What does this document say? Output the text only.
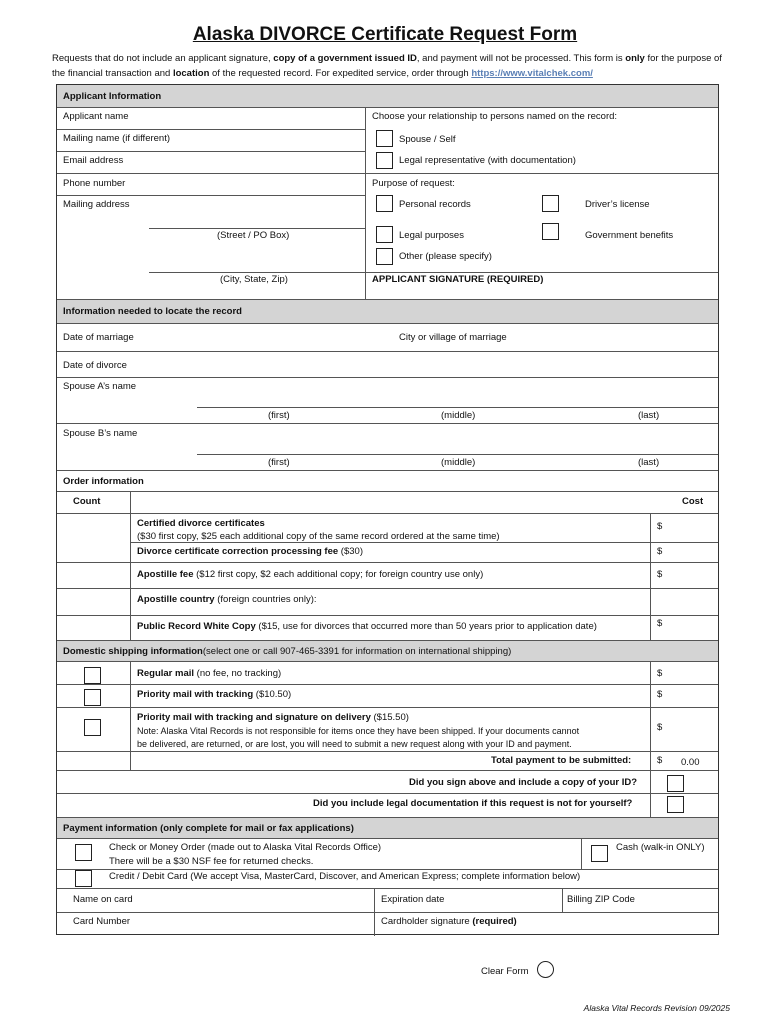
Alaska DIVORCE Certificate Request Form
Requests that do not include an applicant signature, copy of a government issued ID, and payment will not be processed. This form is only for the purpose of the financial transaction and location of the requested record. For expedited service, order through https://www.vitalchek.com/
Applicant Information
Applicant name
Mailing name (if different)
Email address
Phone number
Mailing address
(Street / PO Box)
(City, State, Zip)
Choose your relationship to persons named on the record:
Spouse / Self
Legal representative (with documentation)
Purpose of request:
Personal records	Driver’s license
Legal purposes	Government benefits
Other (please specify)
APPLICANT SIGNATURE (REQUIRED)
Information needed to locate the record
Date of marriage	City or village of marriage
Date of divorce
Spouse A’s name
(first)	(middle)	(last)
Spouse B’s name
(first)	(middle)	(last)
Order information
Count	Cost
Certified divorce certificates
($30 first copy, $25 each additional copy of the same record ordered at the same time)
$
Divorce certificate correction processing fee ($30)	$
Apostille fee ($12 first copy, $2 each additional copy; for foreign country use only)	$
Apostille country (foreign countries only):
Public Record White Copy ($15, use for divorces that occurred more than 50 years prior to application date)	$
Domestic shipping information (select one or call 907-465-3391 for information on international shipping)
Regular mail (no fee, no tracking)	$
Priority mail with tracking ($10.50)	$
Priority mail with tracking and signature on delivery ($15.50)
Note: Alaska Vital Records is not responsible for items once they have been shipped. If your documents cannot
be delivered, are returned, or are lost, you will need to submit a new request along with your ID and payment.
$
Total payment to be submitted:	$ 0.00
Did you sign above and include a copy of your ID?
Did you include legal documentation if this request is not for yourself?
Payment information (only complete for mail or fax applications)
Check or Money Order (made out to Alaska Vital Records Office)
There will be a $30 NSF fee for returned checks.
Cash (walk-in ONLY)
Credit / Debit Card (We accept Visa, MasterCard, Discover, and American Express; complete information below)
Name on card	Expiration date	Billing ZIP Code
Card Number	Cardholder signature (required)
Clear Form
Alaska Vital Records Revision 09/2025
